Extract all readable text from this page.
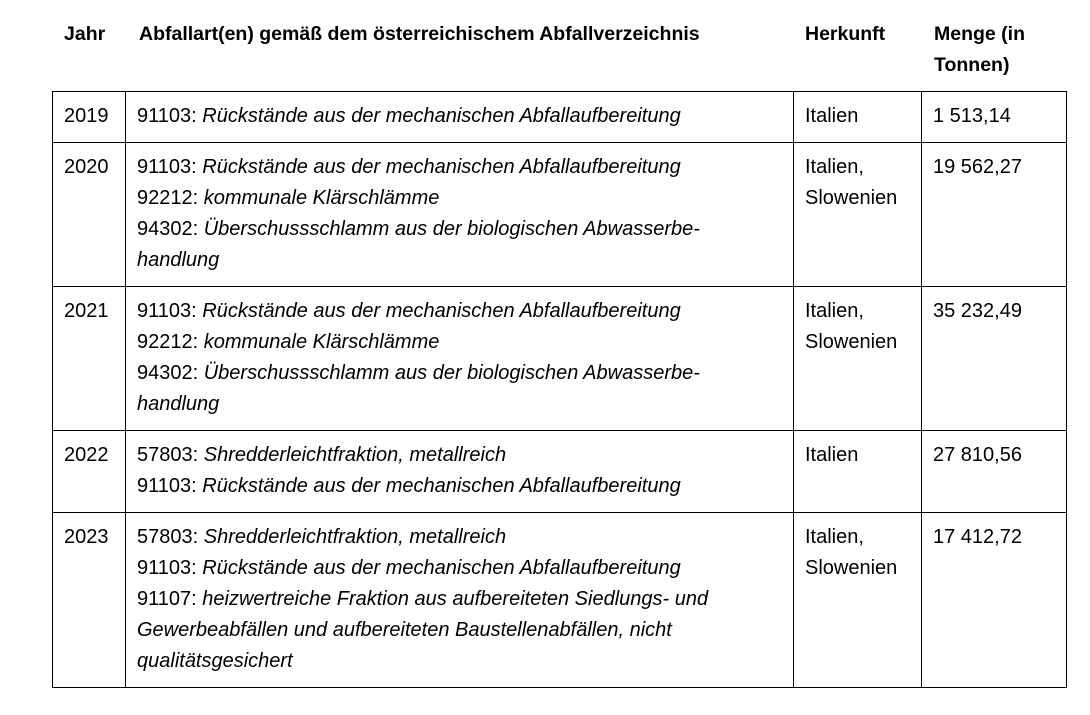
Jahr Abfallart(en) gemäß dem österreichischem Abfallverzeichnis	Herkunft	Menge (in
Tonnen)
2019	91103: Rückstände aus der mechanischen Abfallaufbereitung	Italien	1 513,14
2020	91103: Rückstände aus der mechanischen Abfallaufbereitung
92212: kommunale Klärschlämme
94302: Überschussschlamm aus der biologischen Abwasserbe-
handlung	Italien,
Slowenien	19 562,27
2021	91103: Rückstände aus der mechanischen Abfallaufbereitung
92212: kommunale Klärschlämme
94302: Überschussschlamm aus der biologischen Abwasserbe-
handlung	Italien,
Slowenien	35 232,49
2022	57803: Shredderleichtfraktion, metallreich
91103: Rückstände aus der mechanischen Abfallaufbereitung	Italien	27 810,56
2023	57803: Shredderleichtfraktion, metallreich
91103: Rückstände aus der mechanischen Abfallaufbereitung
91107: heizwertreiche Fraktion aus aufbereiteten Siedlungs- und
Gewerbeabfällen und aufbereiteten Baustellenabfällen, nicht
qualitätsgesichert	Italien,
Slowenien	17 412,72
